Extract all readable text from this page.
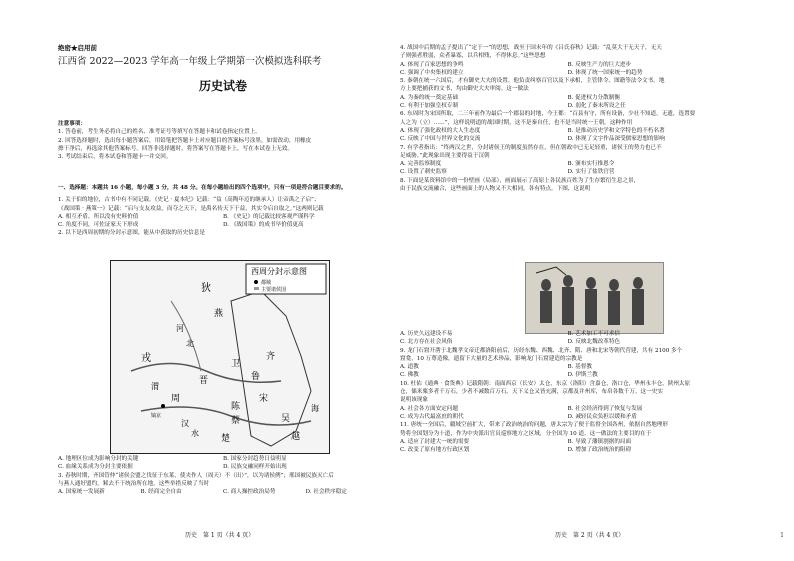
绝密★启用前
江西省 2022—2023 学年高一年级上学期第一次模拟选科联考
历史试卷
注意事项：
1. 答卷前，考生务必将自己的姓名、准考证号等填写在答题卡和试卷指定位置上。
2. 回答选择题时，选出每小题答案后，用铅笔把答题卡上对应题目的答案标号涂黑。如需改动，用橡皮
擦干净后，再选涂其他答案标号。回答非选择题时，将答案写在答题卡上，写在本试卷上无效。
3. 考试结束后，将本试卷和答题卡一并交回。
一、选择题：本题共 16 小题，每小题 3 分，共 48 分。在每小题给出的四个选项中，只有一项是符合题目要求的。
1. 关于伯的地位，古书中有不同记载。《史记 · 夏本纪》记载：“益（高陶年迈的继承人）让帝禹之子启”；
《战国策 · 燕策一》记载：“启与支友攻益，而夺之天下，是禹名传天下于益，其实令启自取之。”这两则记载
A. 相互矛盾，所以没有史料价值	B. 《史记》的记载比较客观严谨科学
C. 角度不同，可佐证家天下形成	D. 《战国策》的成书早价值更高
2. 以下是西周初期的分封示意图，能从中获取的历史信息是
西周分封示意图
都城
主要诸侯国
燕
晋
卫
鲁
齐
宋
陈
蔡
楚
吴
越
周
戎
狄
河
北
汉
水
渭
海
镐京
A. 地理区位成为影响分封的关键	B. 国家分封趋势日益明显
C. 血缘关系成为分封主要依据	D. 民族交融同样开始出现
3. 春秋时期，齐国管仲“诸侯会盟之伐征于东莱，使夹作人（周天）不（出）”，以为诸侯例”；邢国被民族灭亡后
与燕人通好盟约，邾去不干统治所在地，这些举措反映了当时
A. 国家统一发展新	B. 经商完全自由	C. 商人操控政治局势	D. 社会秩序稳定
历史　第 1 页（共 4 页）
4. 战国中后期的孟子提出了“定于一”的思想，战至于国末年的《吕氏春秋》记载：“乱莫大于无天子，无天
子则强者胜弱，众者暴寡，以兵相残，不得休息。”这些思想
A. 体现了百家思想的争鸣	B. 反映生产力的巨大进步
C. 强调了中央集权的建立	D. 体现了统一国家统一的趋势
5. 秦朝在统一六国后，才有御史大夫的设置。他负责纠察百官以及下承相，主管律令、图籍等法令文书。地
方上要把捕获的文书，均由御史大夫审阅。这一做法
A. 为秦的统一奠定基础	B. 促进权力分散制衡
C. 有利于加强皇权专制	D. 弱化了秦末所设之任
6. 东周时为宋国所取，二三年前作为最后一个郡县的封地，今王都：“百县有守，所有设备，少社不知道，无遗，选置要
人之为（立）……”，这样说明道的战国时期，这不是秦自任，也不是当时统一王朝。这种作用
A. 体现了强化政权的大人生态度	B. 是推动历史学和文学特色的不朽名著
C. 反映了中国与世界文化的交流	D. 体现了文字作品深受儒家思想的影响
7. 有学者指出：“终两汉之世，分封诸侯王的制度虽然存在，但在朝政中已无足轻重，诸侯王的势力也已不
足威胁。”此现象出现主要得益于汉朝
A. 完善监察制度	B. 颁布实行推恩令
C. 设置了刺史监察	D. 实行了盐铁官营
8. 下面是某资料馆中的一份壁画（局部），画面展示了高原上各民族百姓为了生存繁衍生息之景，
由于民族交流融合，这些画面上的人物又不大相同，各有特点。下图，这说明
A. 历史久远建设不易	B. 艺术加工不可求信
C. 北方存在社会风俗	D. 反映北魏改革特色
9. 龙门石窟开凿于北魏孝文帝迁都洛阳前后，历经东魏、西魏、北齐、隋、唐和北宋等朝代营建，共有 2100 多个
窟龛，10 万尊造像，遗留下大量的艺术珍品，影响龙门石窟建造的宗教是
A. 道教	B. 基督教
C. 佛教	D. 伊斯兰教
10. 杜佑《通典 · 食货典》记载隋朝：南面西京（长安）太仓，东京（洛阳）含嘉仓，洛口仓，华州永丰仓，陕州太原
仓，储米粟多者千万石，少者不减数百万石。天下义仓又皆充满，京都及并州库，布帛各数千万。这一史实
说明该现象
A. 社会各方面安定问题	B. 社会经济得到了恢复与发展
C. 成为古代最富庶的朝代	D. 减轻民众负担以缓和矛盾
11. 唐统一全国后，疆域空前扩大，带来了政治统治的问题，唐太宗为了便于监督全国各州，依据自然地理形
势将全国划分为十道，作为中央派出官员巡察地方之区域，分全国为 10 道，这一做法的主要目的在于
A. 适应了封建大一统的需要	B. 导致了藩镇割据的局面
C. 改变了原有地方行政区划	D. 增加了政治统治的阻碍
历史　第 2 页（共 4 页）	1
